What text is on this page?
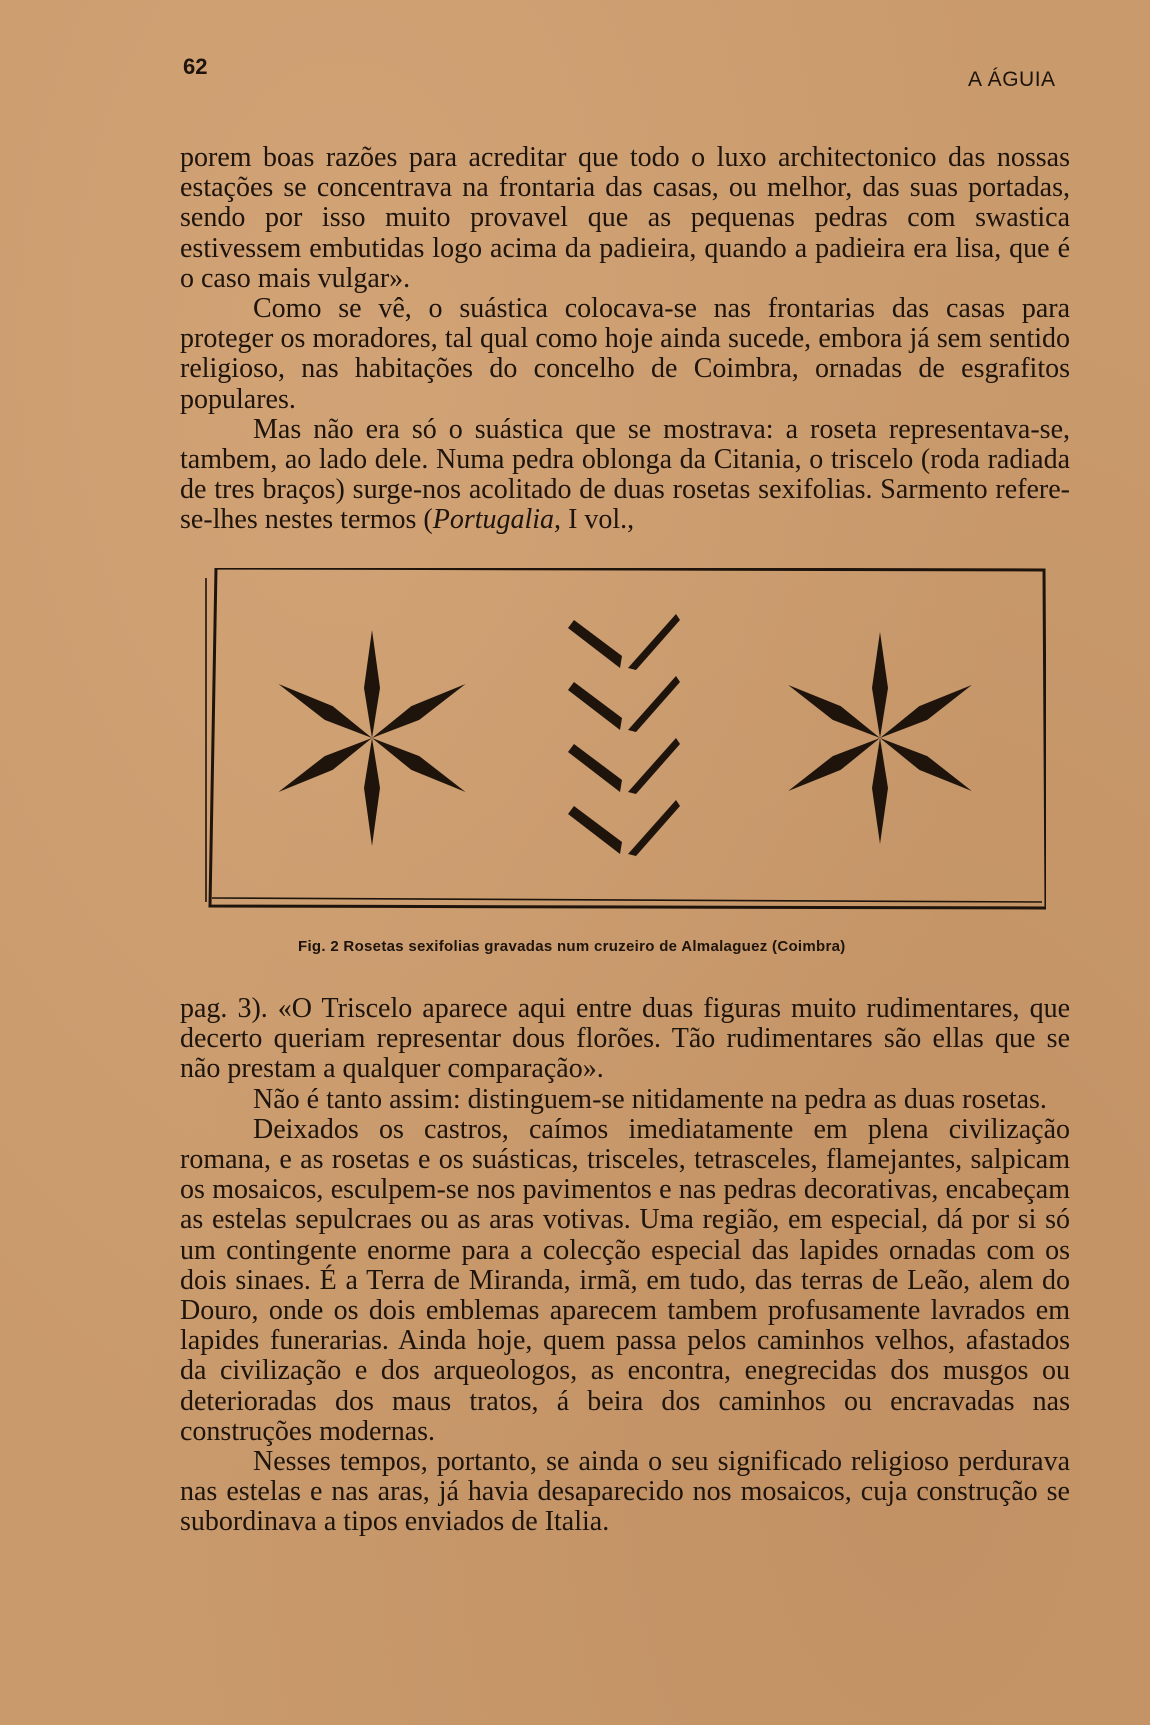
62
A ÁGUIA

porem boas razões para acreditar que todo o luxo architectonico das nossas estações se concentrava na frontaria das casas, ou melhor, das suas portadas, sendo por isso muito provavel que as pequenas pedras com swastica estivessem embutidas logo acima da padieira, quando a padieira era lisa, que é o caso mais vulgar».

Como se vê, o suástica colocava-se nas frontarias das casas para proteger os moradores, tal qual como hoje ainda sucede, embora já sem sentido religioso, nas habitações do concelho de Coimbra, ornadas de esgrafitos populares.

Mas não era só o suástica que se mostrava: a roseta representava-se, tambem, ao lado dele. Numa pedra oblonga da Citania, o triscelo (roda radiada de tres braços) surge-nos acolitado de duas rosetas sexifolias. Sarmento refere-se-lhes nestes termos (Portugalia, I vol.,

Fig. 2 Rosetas sexifolias gravadas num cruzeiro de Almalaguez (Coimbra)

pag. 3). «O Triscelo aparece aqui entre duas figuras muito rudimentares, que decerto queriam representar dous florões. Tão rudimentares são ellas que se não prestam a qualquer comparação».

Não é tanto assim: distinguem-se nitidamente na pedra as duas rosetas.

Deixados os castros, caímos imediatamente em plena civilização romana, e as rosetas e os suásticas, trisceles, tetrasceles, flamejantes, salpicam os mosaicos, esculpem-se nos pavimentos e nas pedras decorativas, encabeçam as estelas sepulcraes ou as aras votivas. Uma região, em especial, dá por si só um contingente enorme para a colecção especial das lapides ornadas com os dois sinaes. É a Terra de Miranda, irmã, em tudo, das terras de Leão, alem do Douro, onde os dois emblemas aparecem tambem profusamente lavrados em lapides funerarias. Ainda hoje, quem passa pelos caminhos velhos, afastados da civilização e dos arqueologos, as encontra, enegrecidas dos musgos ou deterioradas dos maus tratos, á beira dos caminhos ou encravadas nas construções modernas.

Nesses tempos, portanto, se ainda o seu significado religioso perdurava nas estelas e nas aras, já havia desaparecido nos mosaicos, cuja construção se subordinava a tipos enviados de Italia.
